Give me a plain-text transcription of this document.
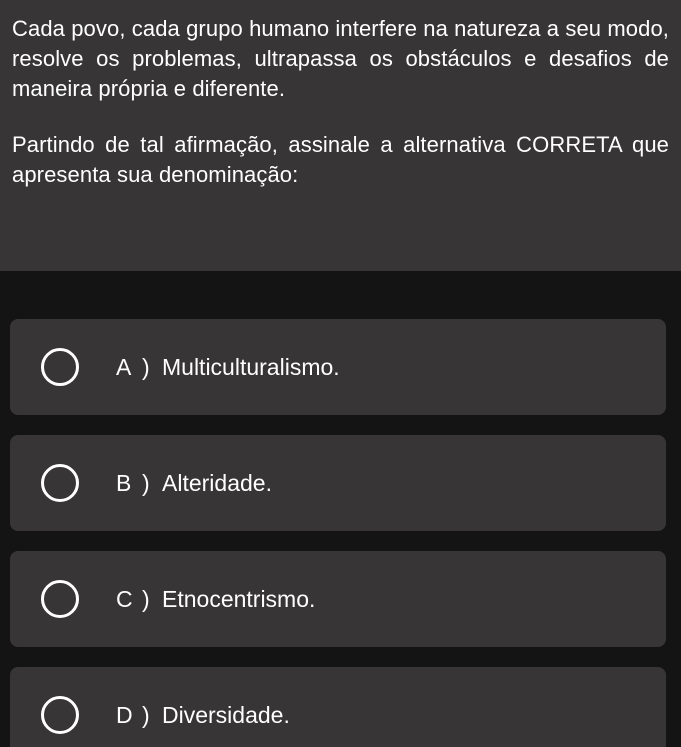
Cada povo, cada grupo humano interfere na natureza a seu modo, resolve os problemas, ultrapassa os obstáculos e desafios de maneira própria e diferente.

Partindo de tal afirmação, assinale a alternativa CORRETA que apresenta sua denominação:

A ) Multiculturalismo.
B ) Alteridade.
C ) Etnocentrismo.
D ) Diversidade.
